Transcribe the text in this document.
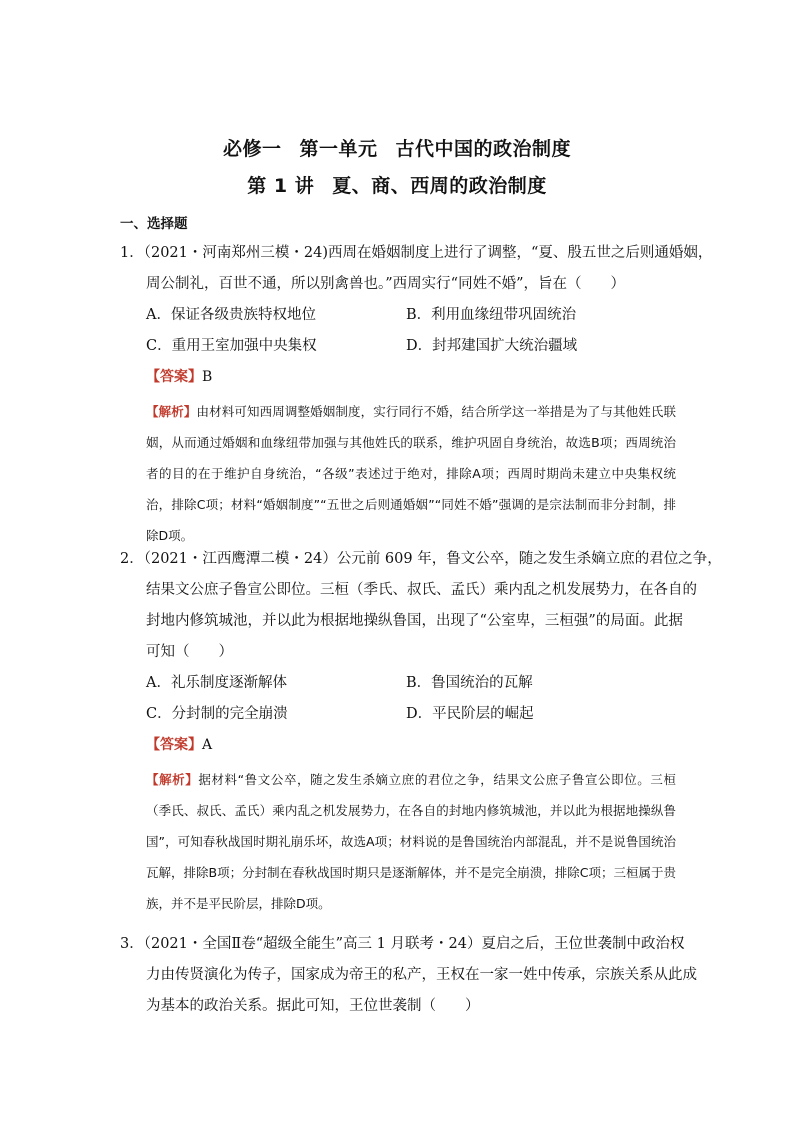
必修一 第一单元 古代中国的政治制度
第 1 讲 夏、商、西周的政治制度
一、选择题
1．（2021・河南郑州三模・24)西周在婚姻制度上进行了调整，“夏、殷五世之后则通婚姻，
周公制礼，百世不通，所以别禽兽也。”西周实行“同姓不婚”，旨在（　　）
A．保证各级贵族特权地位	B．利用血缘纽带巩固统治
C．重用王室加强中央集权	D．封邦建国扩大统治疆域
【答案】B
【解析】由材料可知西周调整婚姻制度，实行同行不婚，结合所学这一举措是为了与其他姓氏联姻，从而通过婚姻和血缘纽带加强与其他姓氏的联系，维护巩固自身统治，故选B项；西周统治者的目的在于维护自身统治，“各级”表述过于绝对，排除A项；西周时期尚未建立中央集权统治，排除C项；材料“婚姻制度”“五世之后则通婚姻”“同姓不婚”强调的是宗法制而非分封制，排除D项。
2．（2021・江西鹰潭二模・24）公元前 609 年，鲁文公卒，随之发生杀嫡立庶的君位之争，
结果文公庶子鲁宣公即位。三桓（季氏、叔氏、孟氏）乘内乱之机发展势力，在各自的
封地内修筑城池，并以此为根据地操纵鲁国，出现了“公室卑，三桓强”的局面。此据
可知（　　）
A．礼乐制度逐渐解体	B．鲁国统治的瓦解
C．分封制的完全崩溃	D．平民阶层的崛起
【答案】A
【解析】据材料“鲁文公卒，随之发生杀嫡立庶的君位之争，结果文公庶子鲁宣公即位。三桓（季氏、叔氏、孟氏）乘内乱之机发展势力，在各自的封地内修筑城池，并以此为根据地操纵鲁国”，可知春秋战国时期礼崩乐坏，故选A项；材料说的是鲁国统治内部混乱，并不是说鲁国统治瓦解，排除B项；分封制在春秋战国时期只是逐渐解体，并不是完全崩溃，排除C项；三桓属于贵族，并不是平民阶层，排除D项。
3．（2021・全国Ⅱ卷“超级全能生”高三 1 月联考・24）夏启之后，王位世袭制中政治权
力由传贤演化为传子，国家成为帝王的私产，王权在一家一姓中传承，宗族关系从此成
为基本的政治关系。据此可知，王位世袭制（　　）
